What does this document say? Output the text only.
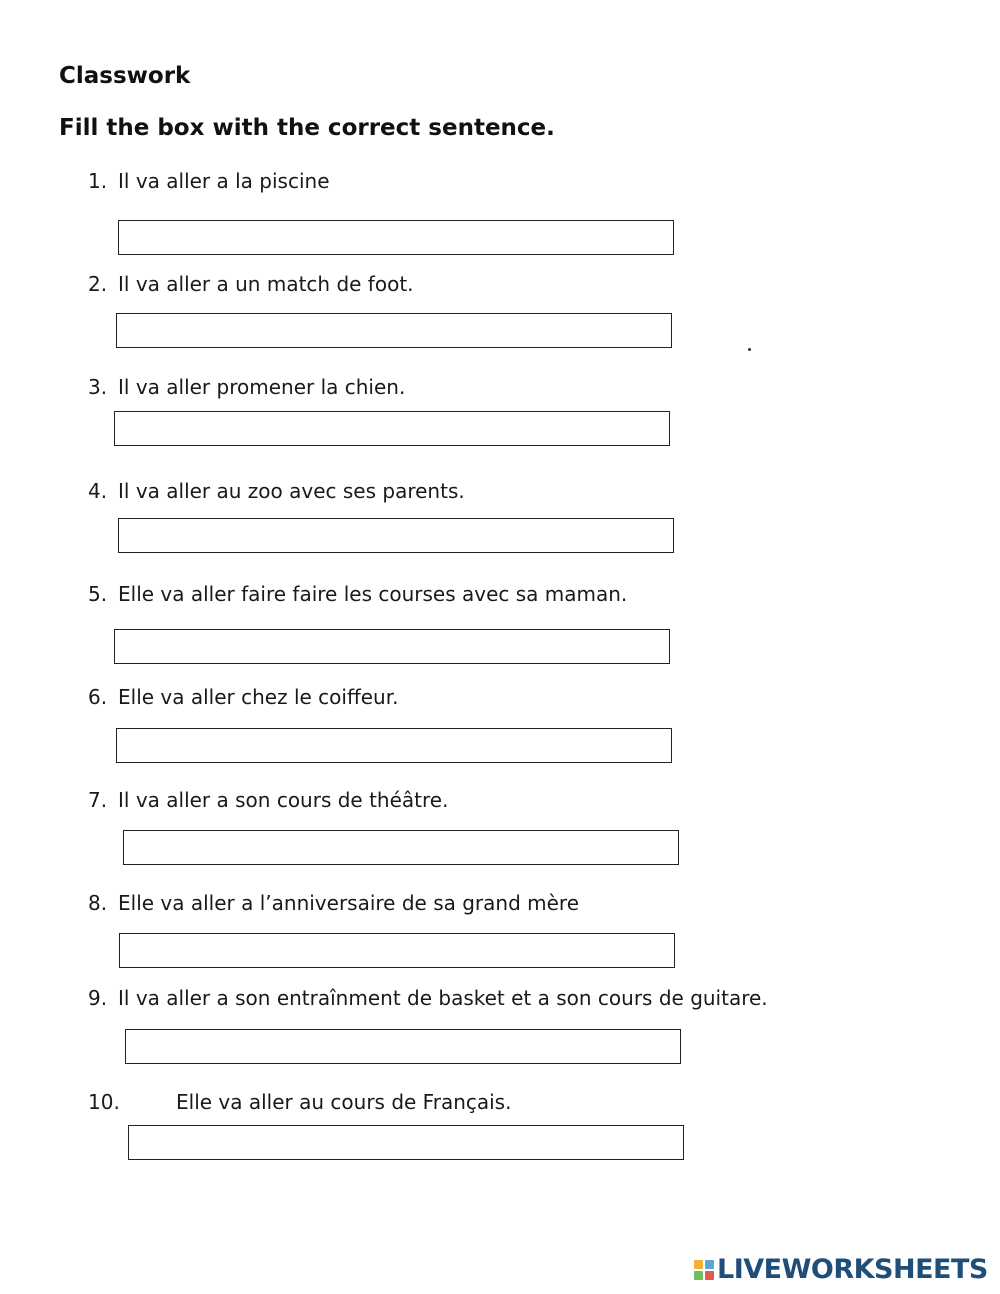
Classwork
Fill the box with the correct sentence.
1. Il va aller a la piscine
2. Il va aller a un match de foot.
3. Il va aller promener la chien.
4. Il va aller au zoo avec ses parents.
5. Elle va aller faire faire les courses avec sa maman.
6. Elle va aller chez le coiffeur.
7. Il va aller a son cours de théâtre.
8. Elle va aller a l’anniversaire de sa grand mère
9. Il va aller a son entraînment de basket et a son cours de guitare.
10.	Elle va aller au cours de Français.
LIVEWORKSHEETS
